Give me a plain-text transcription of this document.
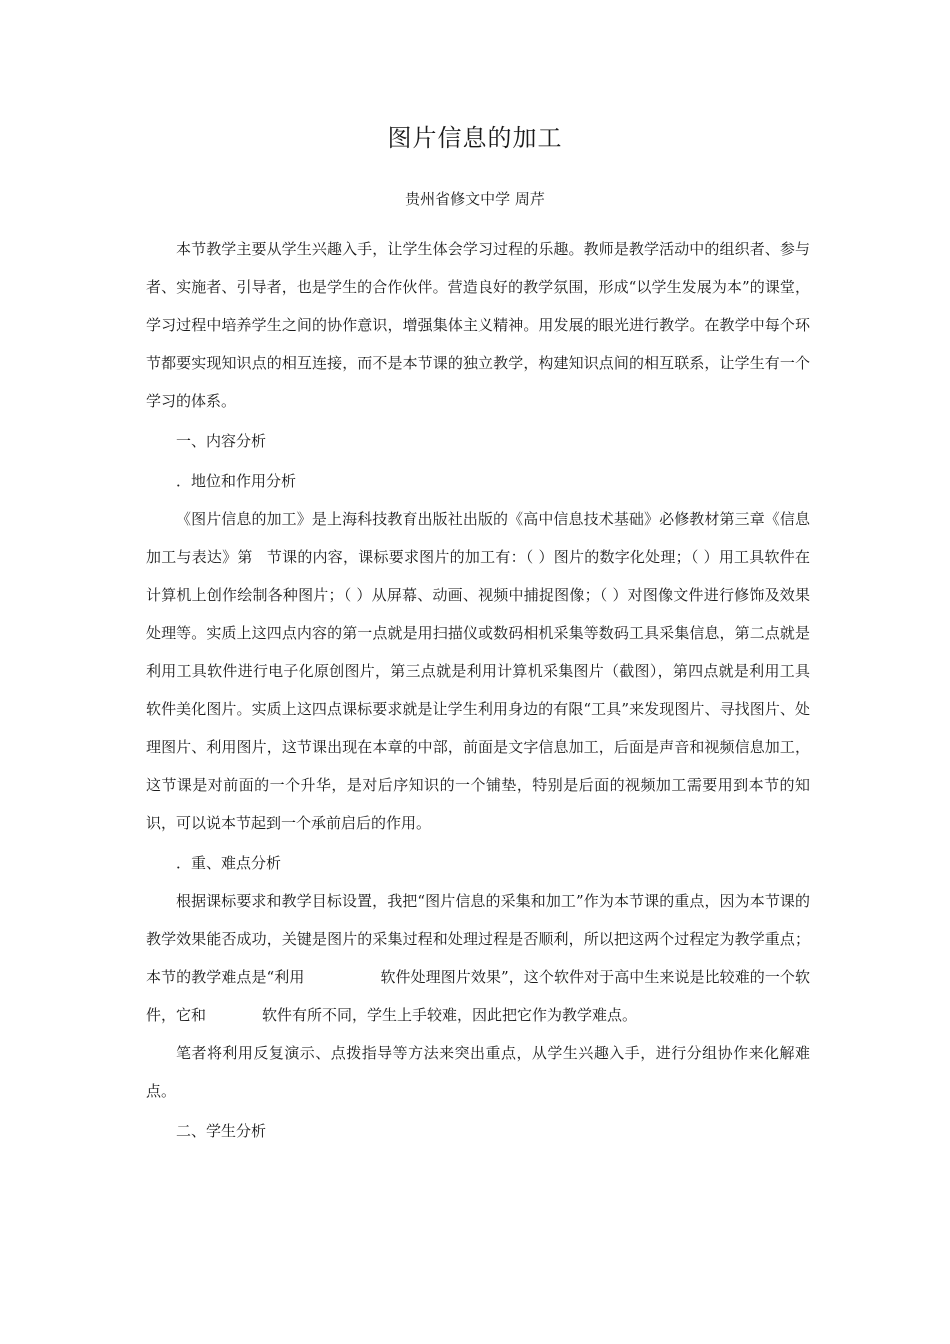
图片信息的加工
贵州省修文中学 周芹

本节教学主要从学生兴趣入手，让学生体会学习过程的乐趣。教师是教学活动中的组织者、参与者、实施者、引导者，也是学生的合作伙伴。营造良好的教学氛围，形成“以学生发展为本”的课堂，学习过程中培养学生之间的协作意识，增强集体主义精神。用发展的眼光进行教学。在教学中每个环节都要实现知识点的相互连接，而不是本节课的独立教学，构建知识点间的相互联系，让学生有一个学习的体系。

一、内容分析

．地位和作用分析

《图片信息的加工》是上海科技教育出版社出版的《高中信息技术基础》必修教材第三章《信息加工与表达》第 节课的内容，课标要求图片的加工有：（ ）图片的数字化处理；（ ）用工具软件在计算机上创作绘制各种图片；（ ）从屏幕、动画、视频中捕捉图像；（ ）对图像文件进行修饰及效果处理等。实质上这四点内容的第一点就是用扫描仪或数码相机采集等数码工具采集信息，第二点就是利用工具软件进行电子化原创图片，第三点就是利用计算机采集图片（截图），第四点就是利用工具软件美化图片。实质上这四点课标要求就是让学生利用身边的有限“工具”来发现图片、寻找图片、处理图片、利用图片，这节课出现在本章的中部，前面是文字信息加工，后面是声音和视频信息加工，这节课是对前面的一个升华，是对后序知识的一个铺垫，特别是后面的视频加工需要用到本节的知识，可以说本节起到一个承前启后的作用。

．重、难点分析

根据课标要求和教学目标设置，我把“图片信息的采集和加工”作为本节课的重点，因为本节课的教学效果能否成功，关键是图片的采集过程和处理过程是否顺利，所以把这两个过程定为教学重点；本节的教学难点是“利用	软件处理图片效果”，这个软件对于高中生来说是比较难的一个软件，它和	软件有所不同，学生上手较难，因此把它作为教学难点。

笔者将利用反复演示、点拨指导等方法来突出重点，从学生兴趣入手，进行分组协作来化解难点。

二、学生分析
